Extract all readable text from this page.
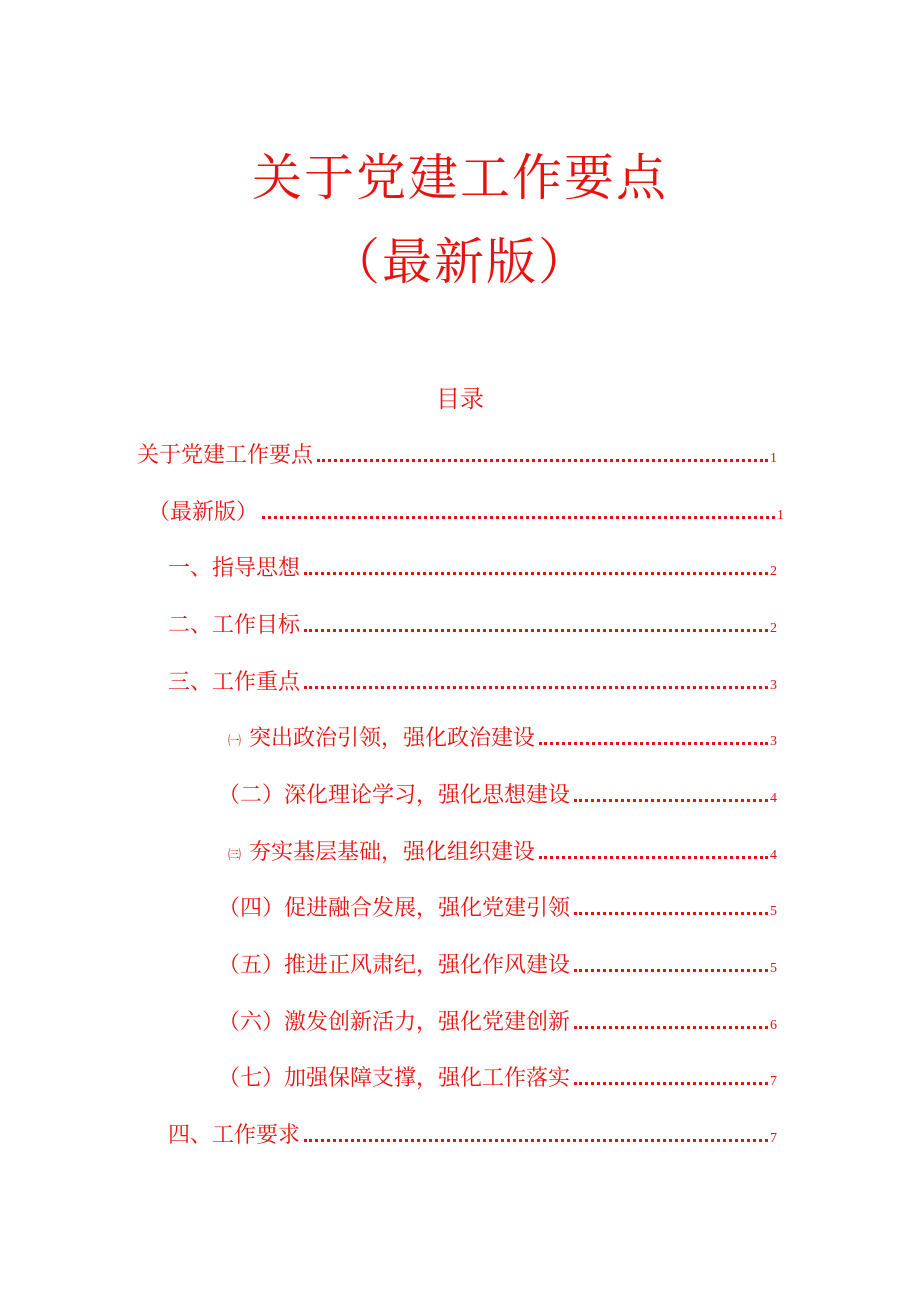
关于党建工作要点
（最新版）
目录
关于党建工作要点	1
（最新版）	1
一、指导思想	2
二、工作目标	2
三、工作重点	3
㈠ 突出政治引领，强化政治建设	3
（二）深化理论学习，强化思想建设	4
㈢ 夯实基层基础，强化组织建设	4
（四）促进融合发展，强化党建引领	5
（五）推进正风肃纪，强化作风建设	5
（六）激发创新活力，强化党建创新	6
（七）加强保障支撑，强化工作落实	7
四、工作要求	7
